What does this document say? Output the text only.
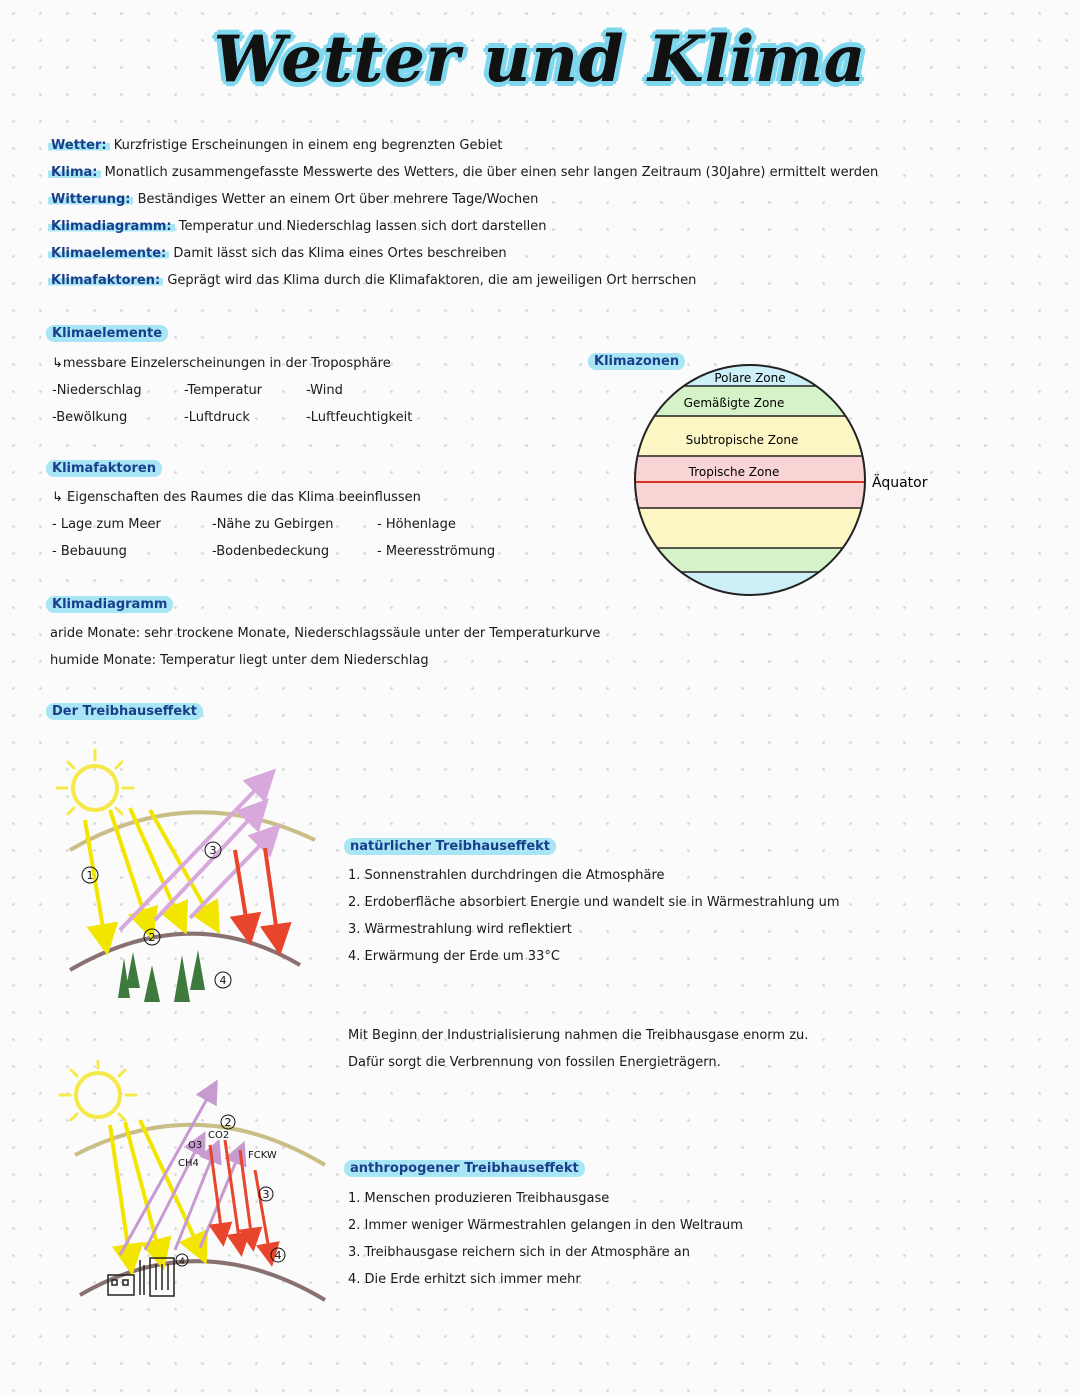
Wetter und Klima
Wetter: Kurzfristige Erscheinungen in einem eng begrenzten Gebiet
Klima: Monatlich zusammengefasste Messwerte des Wetters, die über einen sehr langen Zeitraum (30Jahre) ermittelt werden
Witterung: Beständiges Wetter an einem Ort über mehrere Tage/Wochen
Klimadiagramm: Temperatur und Niederschlag lassen sich dort darstellen
Klimaelemente: Damit lässt sich das Klima eines Ortes beschreiben
Klimafaktoren: Geprägt wird das Klima durch die Klimafaktoren, die am jeweiligen Ort herrschen
Klimaelemente
↳messbare Einzelerscheinungen in der Troposphäre
-Niederschlag	-Temperatur	-Wind
-Bewölkung	-Luftdruck	-Luftfeuchtigkeit
Klimafaktoren
↳ Eigenschaften des Raumes die das Klima beeinflussen
- Lage zum Meer	-Nähe zu Gebirgen	- Höhenlage
- Bebauung	-Bodenbedeckung	- Meeresströmung
Klimazonen
Polare Zone
Gemäßigte Zone
Subtropische Zone
Tropische Zone
Äquator
Klimadiagramm
aride Monate: sehr trockene Monate, Niederschlagssäule unter der Temperaturkurve
humide Monate: Temperatur liegt unter dem Niederschlag
Der Treibhauseffekt
1
2
3
4
natürlicher Treibhauseffekt
1. Sonnenstrahlen durchdringen die Atmosphäre
2. Erdoberfläche absorbiert Energie und wandelt sie in Wärmestrahlung um
3. Wärmestrahlung wird reflektiert
4. Erwärmung der Erde um 33°C
Mit Beginn der Industrialisierung nahmen die Treibhausgase enorm zu.
Dafür sorgt die Verbrennung von fossilen Energieträgern.
O3
CO2
CH4
FCKW
2
3
4
4
anthropogener Treibhauseffekt
1. Menschen produzieren Treibhausgase
2. Immer weniger Wärmestrahlen gelangen in den Weltraum
3. Treibhausgase reichern sich in der Atmosphäre an
4. Die Erde erhitzt sich immer mehr
